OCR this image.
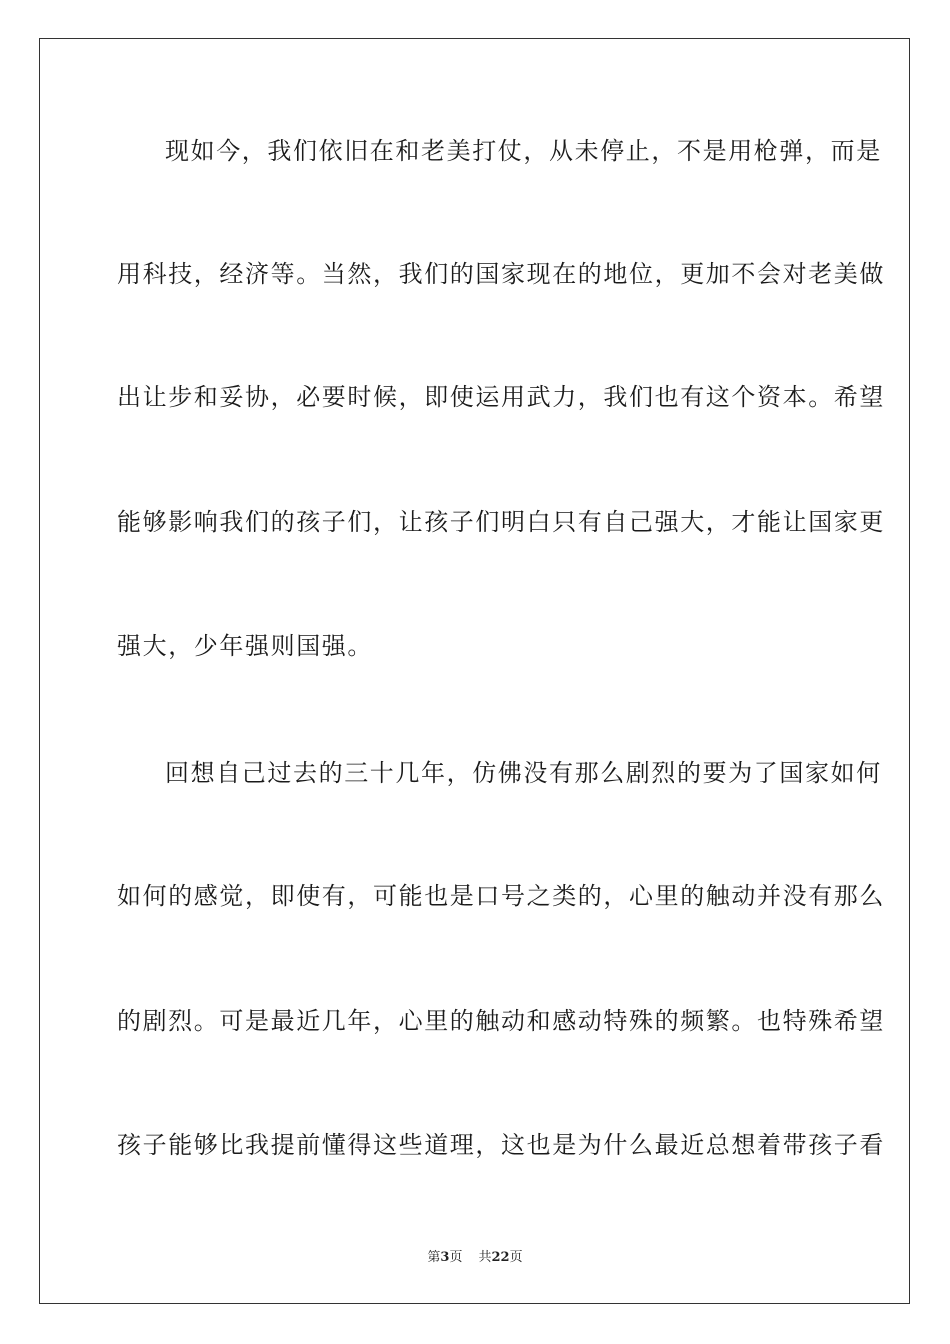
现如今，我们依旧在和老美打仗，从未停止，不是用枪弹，而是
用科技，经济等。当然，我们的国家现在的地位，更加不会对老美做
出让步和妥协，必要时候，即使运用武力，我们也有这个资本。希望
能够影响我们的孩子们，让孩子们明白只有自己强大，才能让国家更
强大，少年强则国强。
回想自己过去的三十几年，仿佛没有那么剧烈的要为了国家如何
如何的感觉，即使有，可能也是口号之类的，心里的触动并没有那么
的剧烈。可是最近几年，心里的触动和感动特殊的频繁。也特殊希望
孩子能够比我提前懂得这些道理，这也是为什么最近总想着带孩子看
第3页 共22页
